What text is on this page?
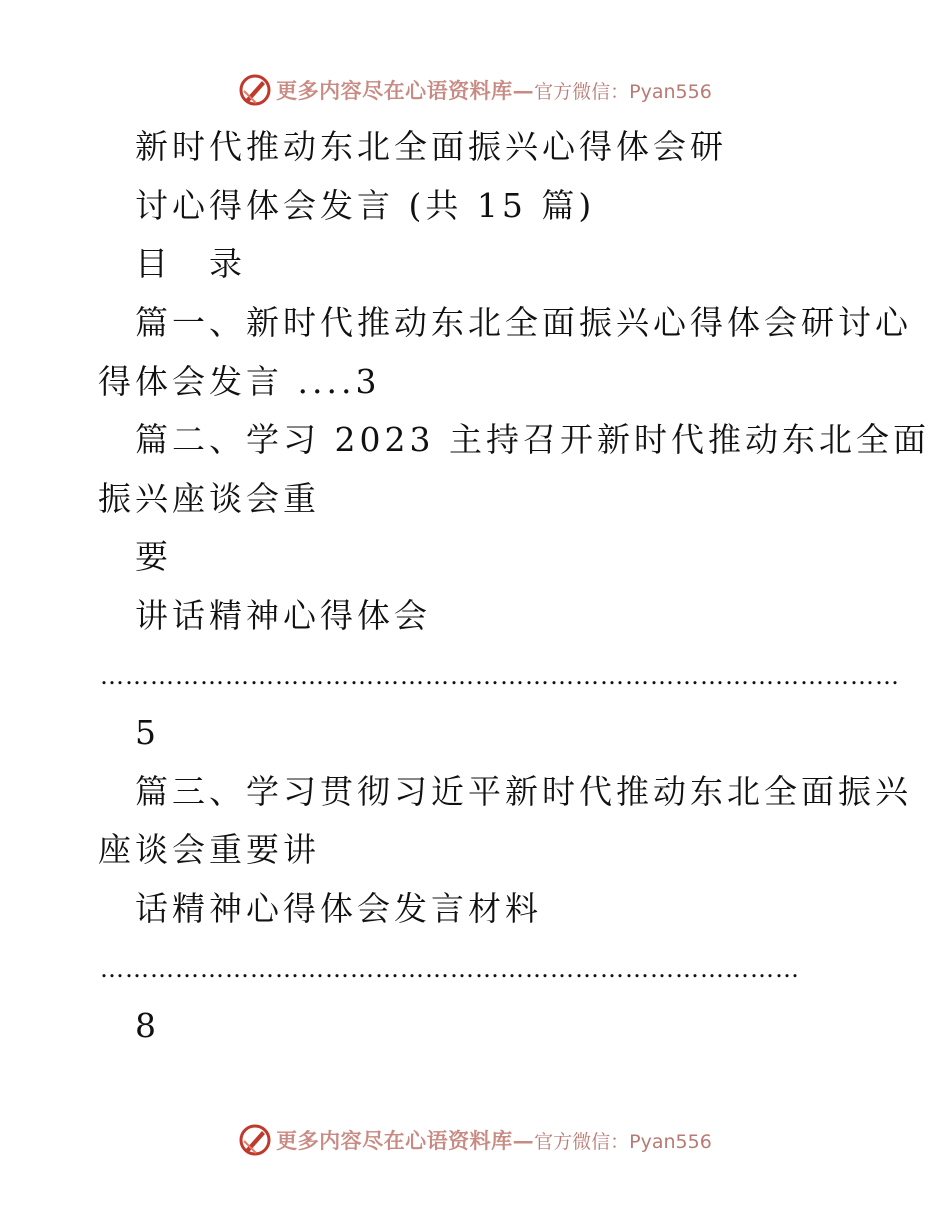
更多内容尽在心语资料库 — 官方微信：Pyan556
新时代推动东北全面振兴心得体会研
讨心得体会发言 (共 15 篇)
目　录
篇一、新时代推动东北全面振兴心得体会研讨心
得体会发言 ....3
篇二、学习 2023 主持召开新时代推动东北全面
振兴座谈会重
要
讲话精神心得体会
……………………………………………………………………………………
5
篇三、学习贯彻习近平新时代推动东北全面振兴
座谈会重要讲
话精神心得体会发言材料
…………………………………………………………………………
8
更多内容尽在心语资料库 — 官方微信：Pyan556
